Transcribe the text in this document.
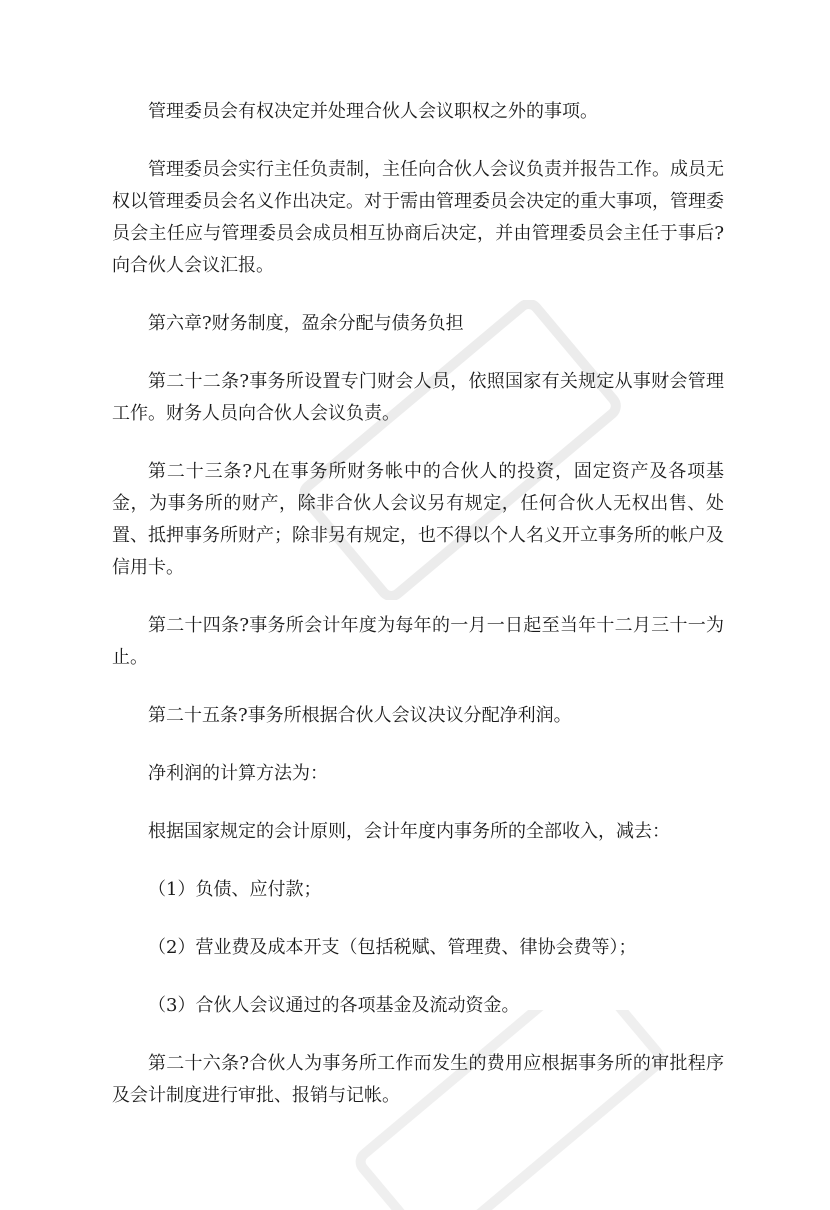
管理委员会有权决定并处理合伙人会议职权之外的事项。

管理委员会实行主任负责制，主任向合伙人会议负责并报告工作。成员无权以管理委员会名义作出决定。对于需由管理委员会决定的重大事项，管理委员会主任应与管理委员会成员相互协商后决定，并由管理委员会主任于事后?向合伙人会议汇报。

第六章?财务制度，盈余分配与债务负担

第二十二条?事务所设置专门财会人员，依照国家有关规定从事财会管理工作。财务人员向合伙人会议负责。

第二十三条?凡在事务所财务帐中的合伙人的投资，固定资产及各项基金，为事务所的财产，除非合伙人会议另有规定，任何合伙人无权出售、处置、抵押事务所财产；除非另有规定，也不得以个人名义开立事务所的帐户及信用卡。

第二十四条?事务所会计年度为每年的一月一日起至当年十二月三十一为止。

第二十五条?事务所根据合伙人会议决议分配净利润。

净利润的计算方法为：

根据国家规定的会计原则，会计年度内事务所的全部收入，减去：

（1）负债、应付款；

（2）营业费及成本开支（包括税赋、管理费、律协会费等）；

（3）合伙人会议通过的各项基金及流动资金。

第二十六条?合伙人为事务所工作而发生的费用应根据事务所的审批程序及会计制度进行审批、报销与记帐。
